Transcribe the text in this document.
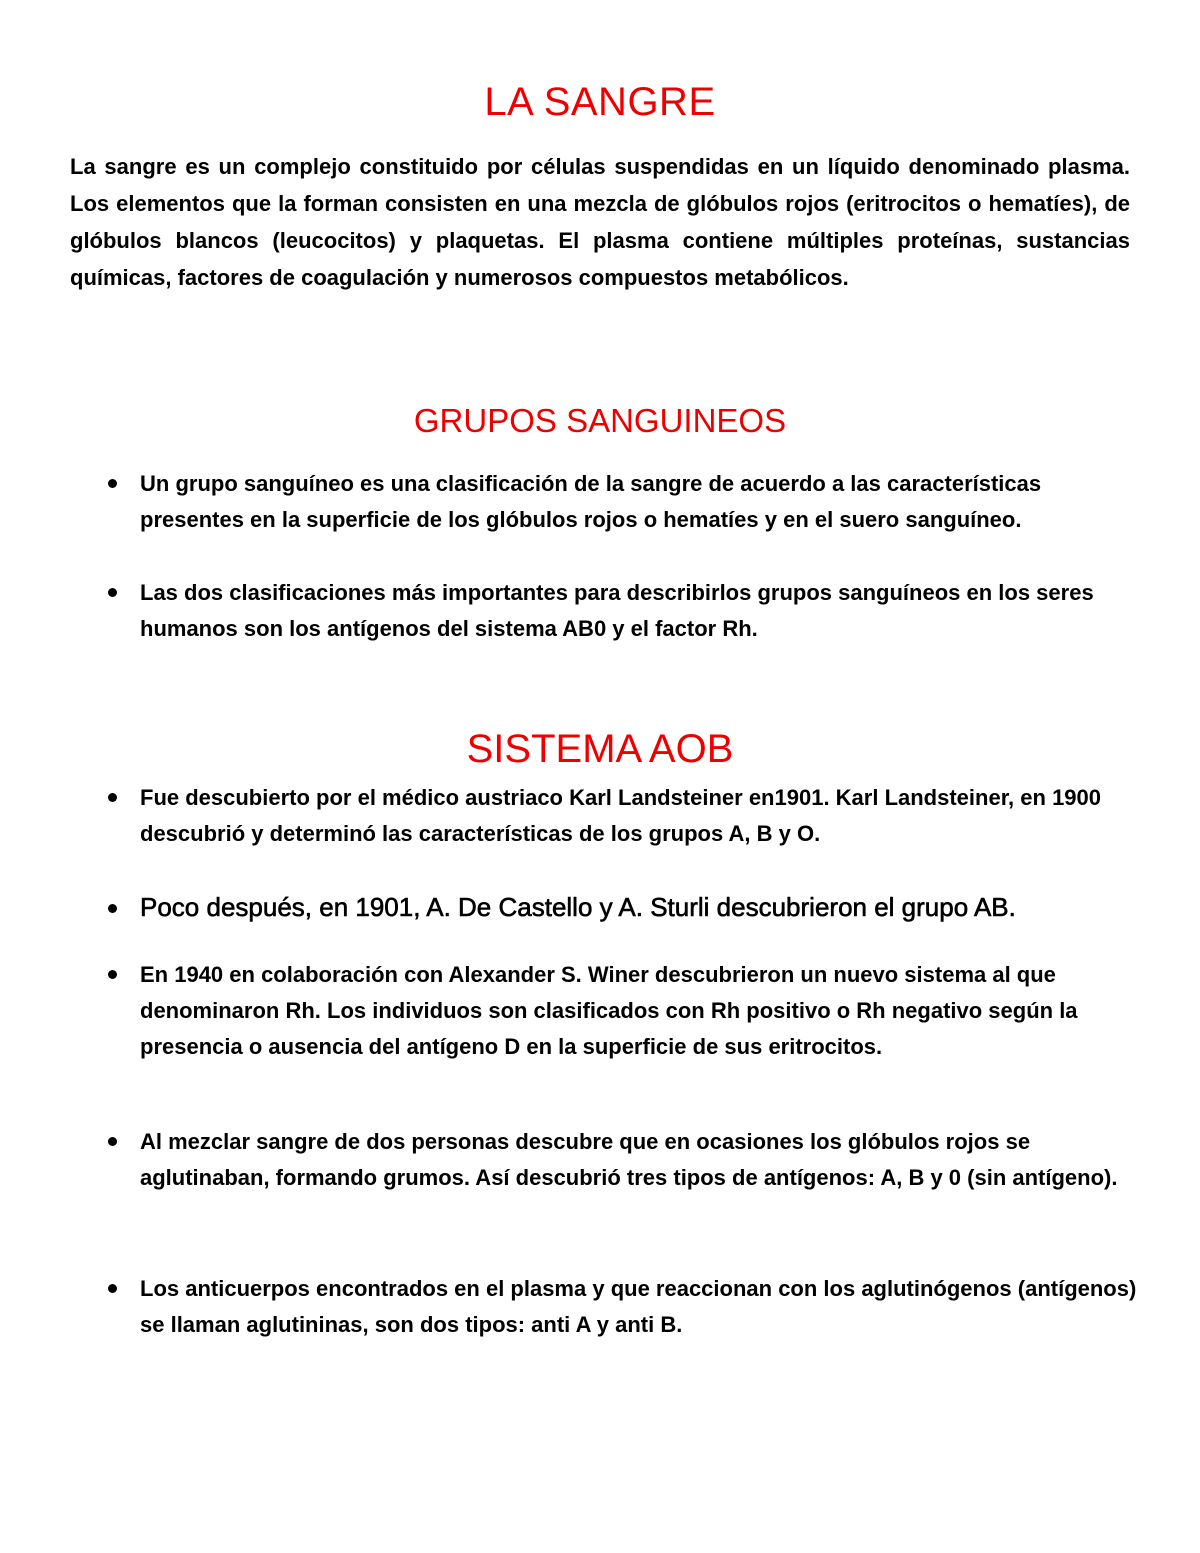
LA SANGRE

La sangre es un complejo constituido por células suspendidas en un líquido denominado plasma. Los elementos que la forman consisten en una mezcla de glóbulos rojos (eritrocitos o hematíes), de glóbulos blancos (leucocitos) y plaquetas. El plasma contiene múltiples proteínas, sustancias químicas, factores de coagulación y numerosos compuestos metabólicos.

GRUPOS SANGUINEOS
Un grupo sanguíneo es una clasificación de la sangre de acuerdo a las características presentes en la superficie de los glóbulos rojos o hematíes y en el suero sanguíneo.
Las dos clasificaciones más importantes para describirlos grupos sanguíneos en los seres humanos son los antígenos del sistema AB0 y el factor Rh.
SISTEMA AOB
Fue descubierto por el médico austriaco Karl Landsteiner en1901. Karl Landsteiner, en 1900 descubrió y determinó las características de los grupos A, B y O.
Poco después, en 1901, A. De Castello y A. Sturli descubrieron el grupo AB.
En 1940 en colaboración con Alexander S. Winer descubrieron un nuevo sistema al que denominaron Rh. Los individuos son clasificados con Rh positivo o Rh negativo según la presencia o ausencia del antígeno D en la superficie de sus eritrocitos.
Al mezclar sangre de dos personas descubre que en ocasiones los glóbulos rojos se aglutinaban, formando grumos. Así descubrió tres tipos de antígenos: A, B y 0 (sin antígeno).
Los anticuerpos encontrados en el plasma y que reaccionan con los aglutinógenos (antígenos) se llaman aglutininas, son dos tipos: anti A y anti B.
